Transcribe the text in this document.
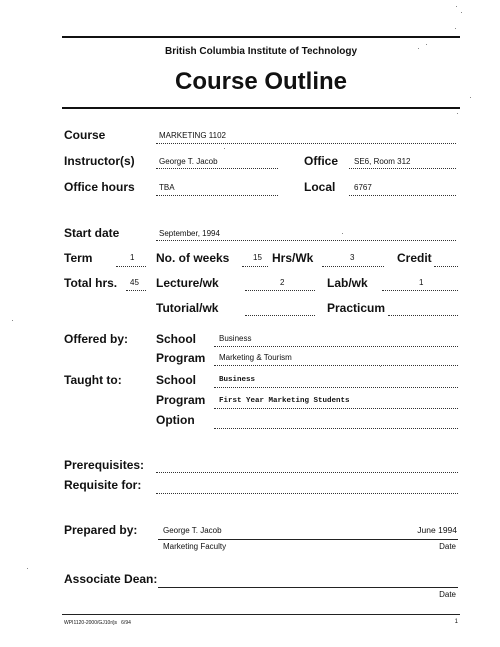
British Columbia Institute of Technology
Course Outline
Course	MARKETING 1102
Instructor(s)	George T. Jacob	Office SE6, Room 312
Office hours	TBA	Local 6767
Start date	September, 1994
Term	1 No. of weeks	15 Hrs/Wk	3	Credit
Total hrs. 45 Lecture/wk	2	Lab/wk	1
Tutorial/wk	Practicum
Offered by: School	Business
Program Marketing & Tourism
Taught to:	School	Business
Program First Year Marketing Students
Option
Prerequisites:
Requisite for:
Prepared by:	George T. Jacob	June 1994
Marketing Faculty	Date
Associate Dean:
Date
WPI1120-2000/GJ10r/js   6/94	1
